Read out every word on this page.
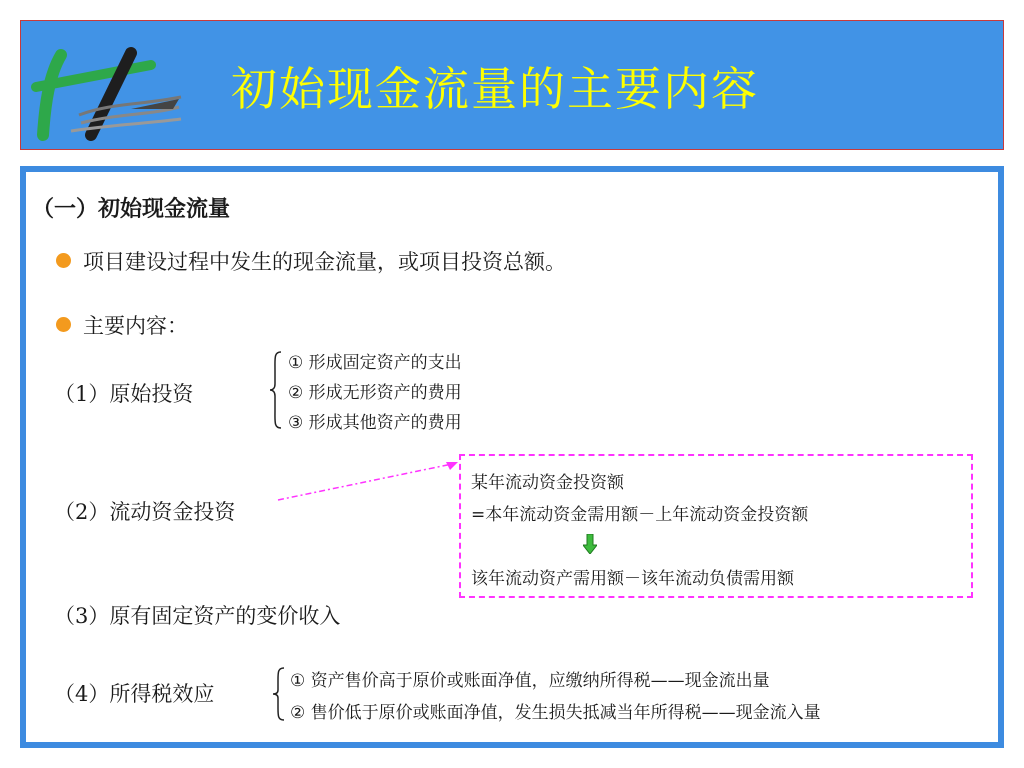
初始现金流量的主要内容
（一）初始现金流量
项目建设过程中发生的现金流量，或项目投资总额。
主要内容：
（1）原始投资
① 形成固定资产的支出
② 形成无形资产的费用
③ 形成其他资产的费用
（2）流动资金投资
某年流动资金投资额
=本年流动资金需用额－上年流动资金投资额
该年流动资产需用额－该年流动负债需用额
（3）原有固定资产的变价收入
（4）所得税效应
① 资产售价高于原价或账面净值，应缴纳所得税——现金流出量
② 售价低于原价或账面净值，发生损失抵减当年所得税——现金流入量
